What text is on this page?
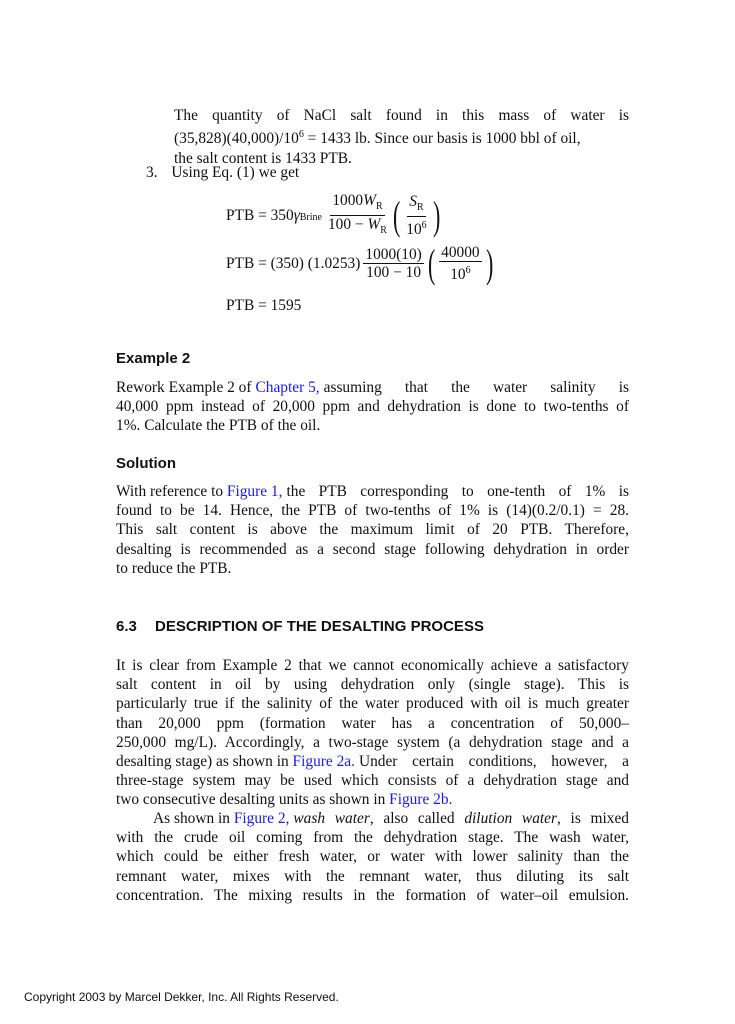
The quantity of NaCl salt found in this mass of water is
$(35,828)(40,000)/10^6 = 1433$ lb. Since our basis is 1000 bbl of oil,
the salt content is 1433 PTB.
3. Using Eq. (1) we get
PTB = 350 $\gamma_{Brine} \frac{1000W_R}{100 - W_R}$ ( $\frac{S_R}{10^6}$ )
PTB = (350) $(1.0253) \frac{1000(10)}{100 - 10}$ ( $\frac{40000}{10^6}$ )
PTB = 1595
Example 2
Rework Example 2 of Chapter 5, assuming that the water salinity is
40,000 ppm instead of 20,000 ppm and dehydration is done to two-tenths of
1%. Calculate the PTB of the oil.
Solution
With reference to Figure 1, the PTB corresponding to one-tenth of 1% is
found to be 14. Hence, the PTB of two-tenths of 1% is (14)(0.2/0.1) = 28.
This salt content is above the maximum limit of 20 PTB. Therefore,
desalting is recommended as a second stage following dehydration in order
to reduce the PTB.
6.3 DESCRIPTION OF THE DESALTING PROCESS
It is clear from Example 2 that we cannot economically achieve a satisfactory
salt content in oil by using dehydration only (single stage). This is
particularly true if the salinity of the water produced with oil is much greater
than 20,000 ppm (formation water has a concentration of 50,000–
250,000 mg/L). Accordingly, a two-stage system (a dehydration stage and a
desalting stage) as shown in Figure 2a. Under certain conditions, however, a
three-stage system may be used which consists of a dehydration stage and
two consecutive desalting units as shown in Figure 2b.
As shown in Figure 2, wash water, also called dilution water, is mixed
with the crude oil coming from the dehydration stage. The wash water,
which could be either fresh water, or water with lower salinity than the
remnant water, mixes with the remnant water, thus diluting its salt
concentration. The mixing results in the formation of water–oil emulsion.
Copyright 2003 by Marcel Dekker, Inc. All Rights Reserved.
